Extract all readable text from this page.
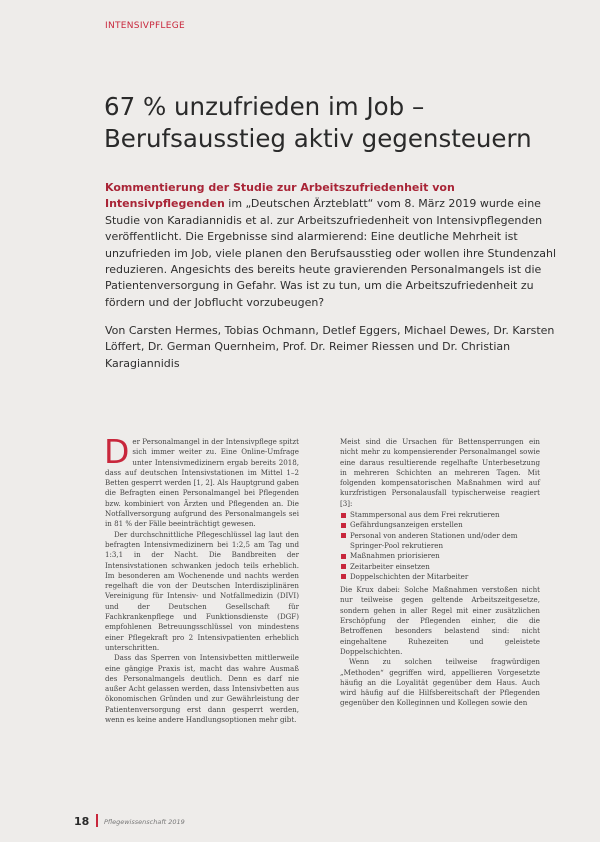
INTENSIVPFLEGE
67 % unzufrieden im Job –
Berufsausstieg aktiv gegensteuern

Kommentierung der Studie zur Arbeitszufriedenheit von Intensivpflegenden im „Deutschen Ärzteblatt“ vom 8. März 2019 wurde eine Studie von Karadiannidis et al. zur Arbeitszufriedenheit von Intensivpflegenden veröffentlicht. Die Ergebnisse sind alarmierend: Eine deutliche Mehrheit ist unzufrieden im Job, viele planen den Berufsausstieg oder wollen ihre Stundenzahl reduzieren. Angesichts des bereits heute gravierenden Personalmangels ist die Patientenversorgung in Gefahr. Was ist zu tun, um die Arbeitszufriedenheit zu fördern und der Jobflucht vorzubeugen?

Von Carsten Hermes, Tobias Ochmann, Detlef Eggers, Michael Dewes, Dr. Karsten Löffert, Dr. German Quernheim, Prof. Dr. Reimer Riessen und Dr. Christian Karagiannidis

Der Personalmangel in der Intensivpflege spitzt sich immer weiter zu. Eine Online-Umfrage unter Intensivmedizinern ergab bereits 2018, dass auf deutschen Intensivstationen im Mittel 1–2 Betten gesperrt werden [1, 2]. Als Hauptgrund gaben die Befragten einen Personalmangel bei Pflegenden bzw. kombiniert von Ärzten und Pflegenden an. Die Notfallversorgung aufgrund des Personalmangels sei in 81 % der Fälle beeinträchtigt gewesen.

Der durchschnittliche Pflegeschlüssel lag laut den befragten Intensivmedizinern bei 1:2,5 am Tag und 1:3,1 in der Nacht. Die Bandbreiten der Intensivstationen schwanken jedoch teils erheblich. Im besonderen am Wochenende und nachts werden regelhaft die von der Deutschen Interdisziplinären Vereinigung für Intensiv- und Notfallmedizin (DIVI) und der Deutschen Gesellschaft für Fachkrankenpflege und Funktionsdienste (DGF) empfohlenen Betreuungsschlüssel von mindestens einer Pflegekraft pro 2 Intensivpatienten erheblich unterschritten.

Dass das Sperren von Intensivbetten mittlerweile eine gängige Praxis ist, macht das wahre Ausmaß des Personalmangels deutlich. Denn es darf nie außer Acht gelassen werden, dass Intensivbetten aus ökonomischen Gründen und zur Gewährleistung der Patientenversorgung erst dann gesperrt werden, wenn es keine andere Handlungsoptionen mehr gibt.

Meist sind die Ursachen für Bettensperrungen ein nicht mehr zu kompensierender Personalmangel sowie eine daraus resultierende regelhafte Unterbesetzung in mehreren Schichten an mehreren Tagen. Mit folgenden kompensatorischen Maßnahmen wird auf kurzfristigen Personalausfall typischerweise reagiert [3]:

Stammpersonal aus dem Frei rekrutieren
Gefährdungsanzeigen erstellen
Personal von anderen Stationen und/oder dem Springer-Pool rekrutieren
Maßnahmen priorisieren
Zeitarbeiter einsetzen
Doppelschichten der Mitarbeiter

Die Krux dabei: Solche Maßnahmen verstoßen nicht nur teilweise gegen geltende Arbeitszeitgesetze, sondern gehen in aller Regel mit einer zusätzlichen Erschöpfung der Pflegenden einher, die die Betroffenen besonders belastend sind: nicht eingehaltene Ruhezeiten und geleistete Doppelschichten.

Wenn zu solchen teilweise fragwürdigen „Methoden“ gegriffen wird, appellieren Vorgesetzte häufig an die Loyalität gegenüber dem Haus. Auch wird häufig auf die Hilfsbereitschaft der Pflegenden gegenüber den Kolleginnen und Kollegen sowie den

18 Pflegewissenschaft 2019
